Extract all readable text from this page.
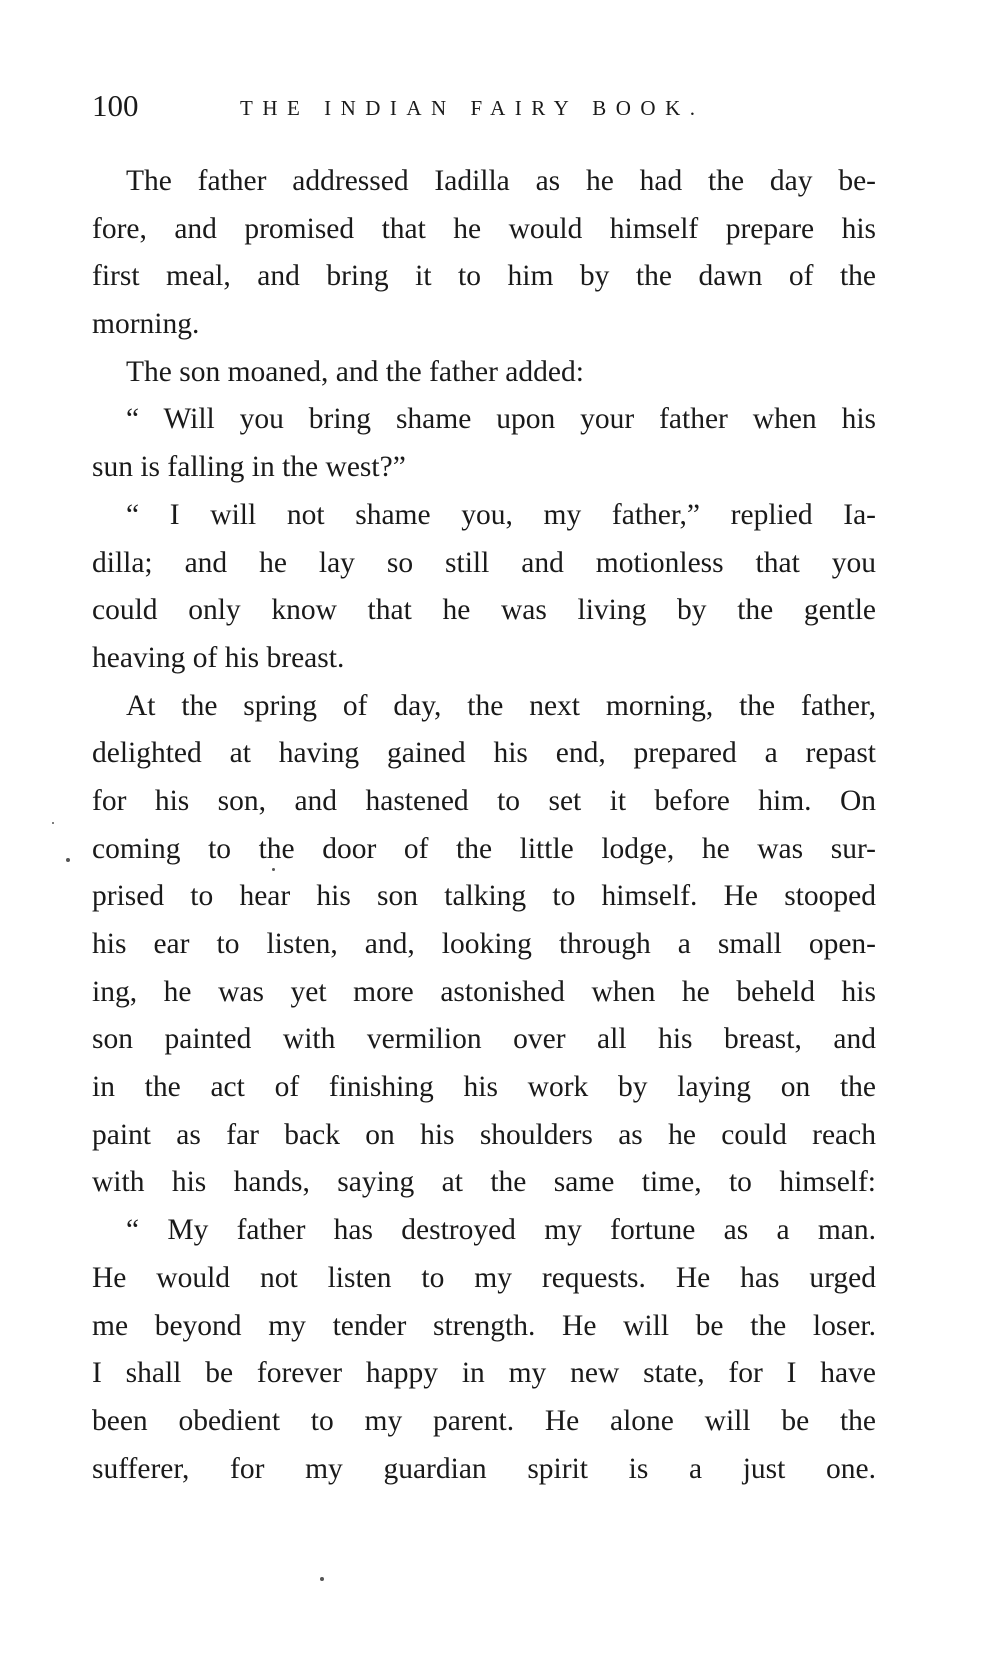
100	THE INDIAN FAIRY BOOK.
The father addressed Iadilla as he had the day be-
fore, and promised that he would himself prepare his
first meal, and bring it to him by the dawn of the
morning.
The son moaned, and the father added:
“ Will you bring shame upon your father when his
sun is falling in the west?”
“ I will not shame you, my father,” replied Ia-
dilla; and he lay so still and motionless that you
could only know that he was living by the gentle
heaving of his breast.
At the spring of day, the next morning, the father,
delighted at having gained his end, prepared a repast
for his son, and hastened to set it before him. On
coming to the door of the little lodge, he was sur-
prised to hear his son talking to himself. He stooped
his ear to listen, and, looking through a small open-
ing, he was yet more astonished when he beheld his
son painted with vermilion over all his breast, and
in the act of finishing his work by laying on the
paint as far back on his shoulders as he could reach
with his hands, saying at the same time, to himself:
“ My father has destroyed my fortune as a man.
He would not listen to my requests. He has urged
me beyond my tender strength. He will be the loser.
I shall be forever happy in my new state, for I have
been obedient to my parent. He alone will be the
sufferer, for my guardian spirit is a just one.
